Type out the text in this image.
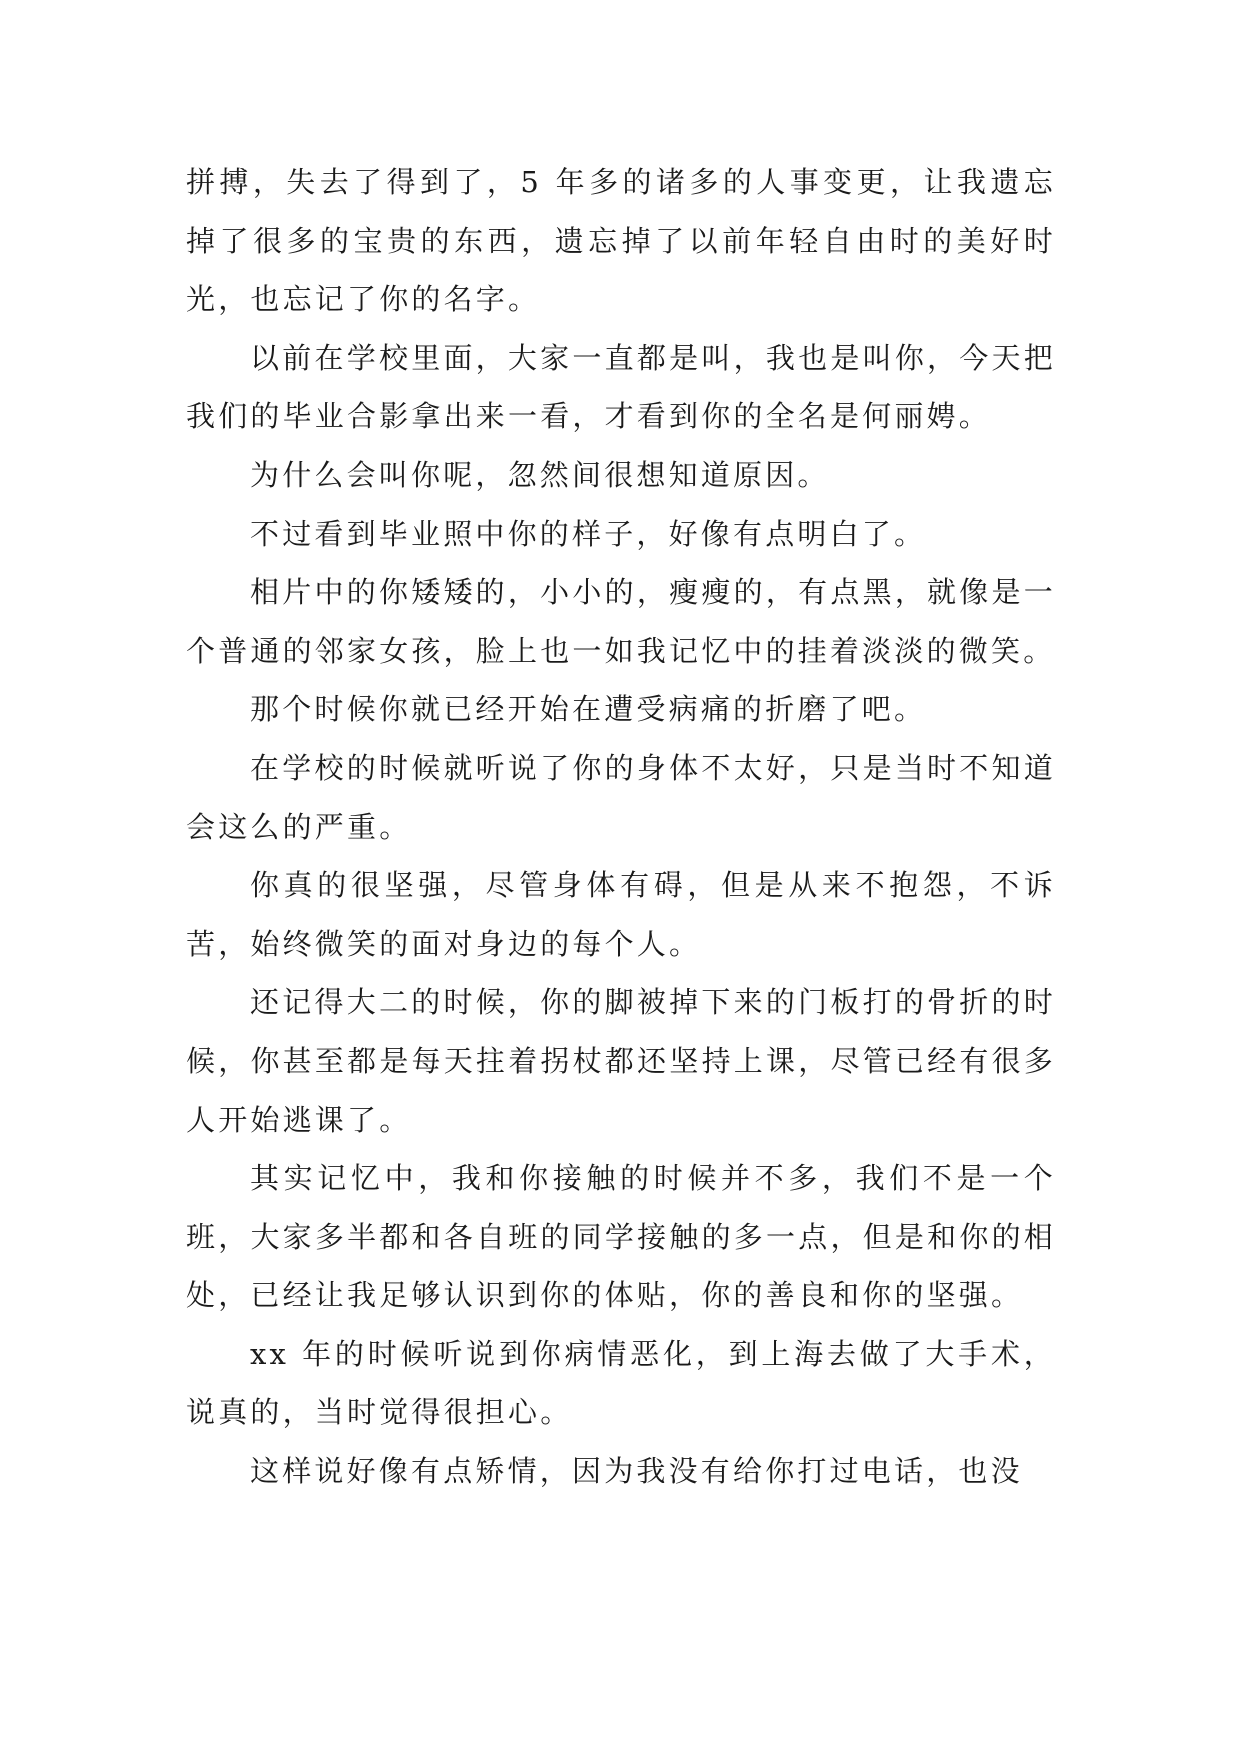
拼搏，失去了得到了，5 年多的诸多的人事变更，让我遗忘掉了很多的宝贵的东西，遗忘掉了以前年轻自由时的美好时光，也忘记了你的名字。

以前在学校里面，大家一直都是叫，我也是叫你，今天把我们的毕业合影拿出来一看，才看到你的全名是何丽娉。

为什么会叫你呢，忽然间很想知道原因。

不过看到毕业照中你的样子，好像有点明白了。

相片中的你矮矮的，小小的，瘦瘦的，有点黑，就像是一个普通的邻家女孩，脸上也一如我记忆中的挂着淡淡的微笑。

那个时候你就已经开始在遭受病痛的折磨了吧。

在学校的时候就听说了你的身体不太好，只是当时不知道会这么的严重。

你真的很坚强，尽管身体有碍，但是从来不抱怨，不诉苦，始终微笑的面对身边的每个人。

还记得大二的时候，你的脚被掉下来的门板打的骨折的时候，你甚至都是每天拄着拐杖都还坚持上课，尽管已经有很多人开始逃课了。

其实记忆中，我和你接触的时候并不多，我们不是一个班，大家多半都和各自班的同学接触的多一点，但是和你的相处，已经让我足够认识到你的体贴，你的善良和你的坚强。

xx 年的时候听说到你病情恶化，到上海去做了大手术，说真的，当时觉得很担心。

这样说好像有点矫情，因为我没有给你打过电话，也没
